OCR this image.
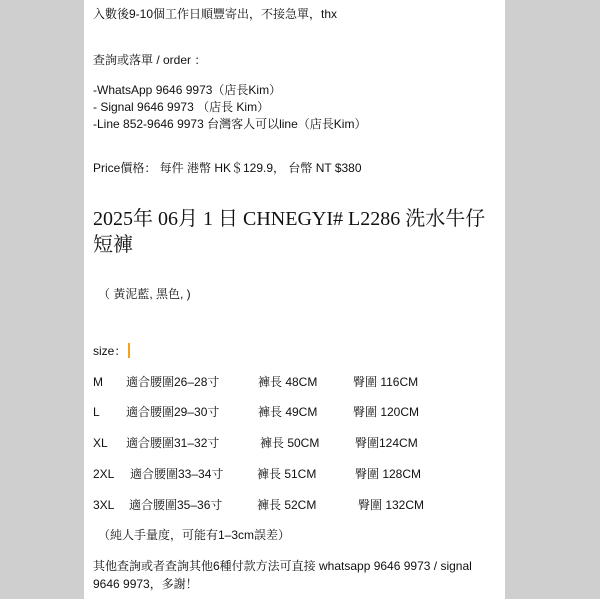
入數後9-10個工作日順豐寄出，不接急單，thx
查詢或落單 / order ：
-WhatsApp 9646 9973（店長Kim）
- Signal 9646 9973 （店長 Kim）
-Line 852-9646 9973 台灣客人可以line（店長Kim）
Price價格： 每件 港幣 HK＄129.9， 台幣 NT $380
2025年 06月 1 日 CHNEGYI# L2286 洗水牛仔短褲
（ 黃泥藍, 黑色, )
size：
M 適合腰圍26–28寸	褲長 48CM	臀圍 116CM
L 適合腰圍29–30寸	褲長 49CM	臀圍 120CM
XL 適合腰圍31–32寸	褲長 50CM	臀圍124CM
2XL 適合腰圍33–34寸	褲長 51CM	臀圍 128CM
3XL 適合腰圍35–36寸	褲長 52CM	臀圍 132CM
（純人手量度，可能有1–3cm誤差）
其他查詢或者查詢其他6種付款方法可直接 whatsapp 9646 9973 / signal 9646 9973，多謝！
